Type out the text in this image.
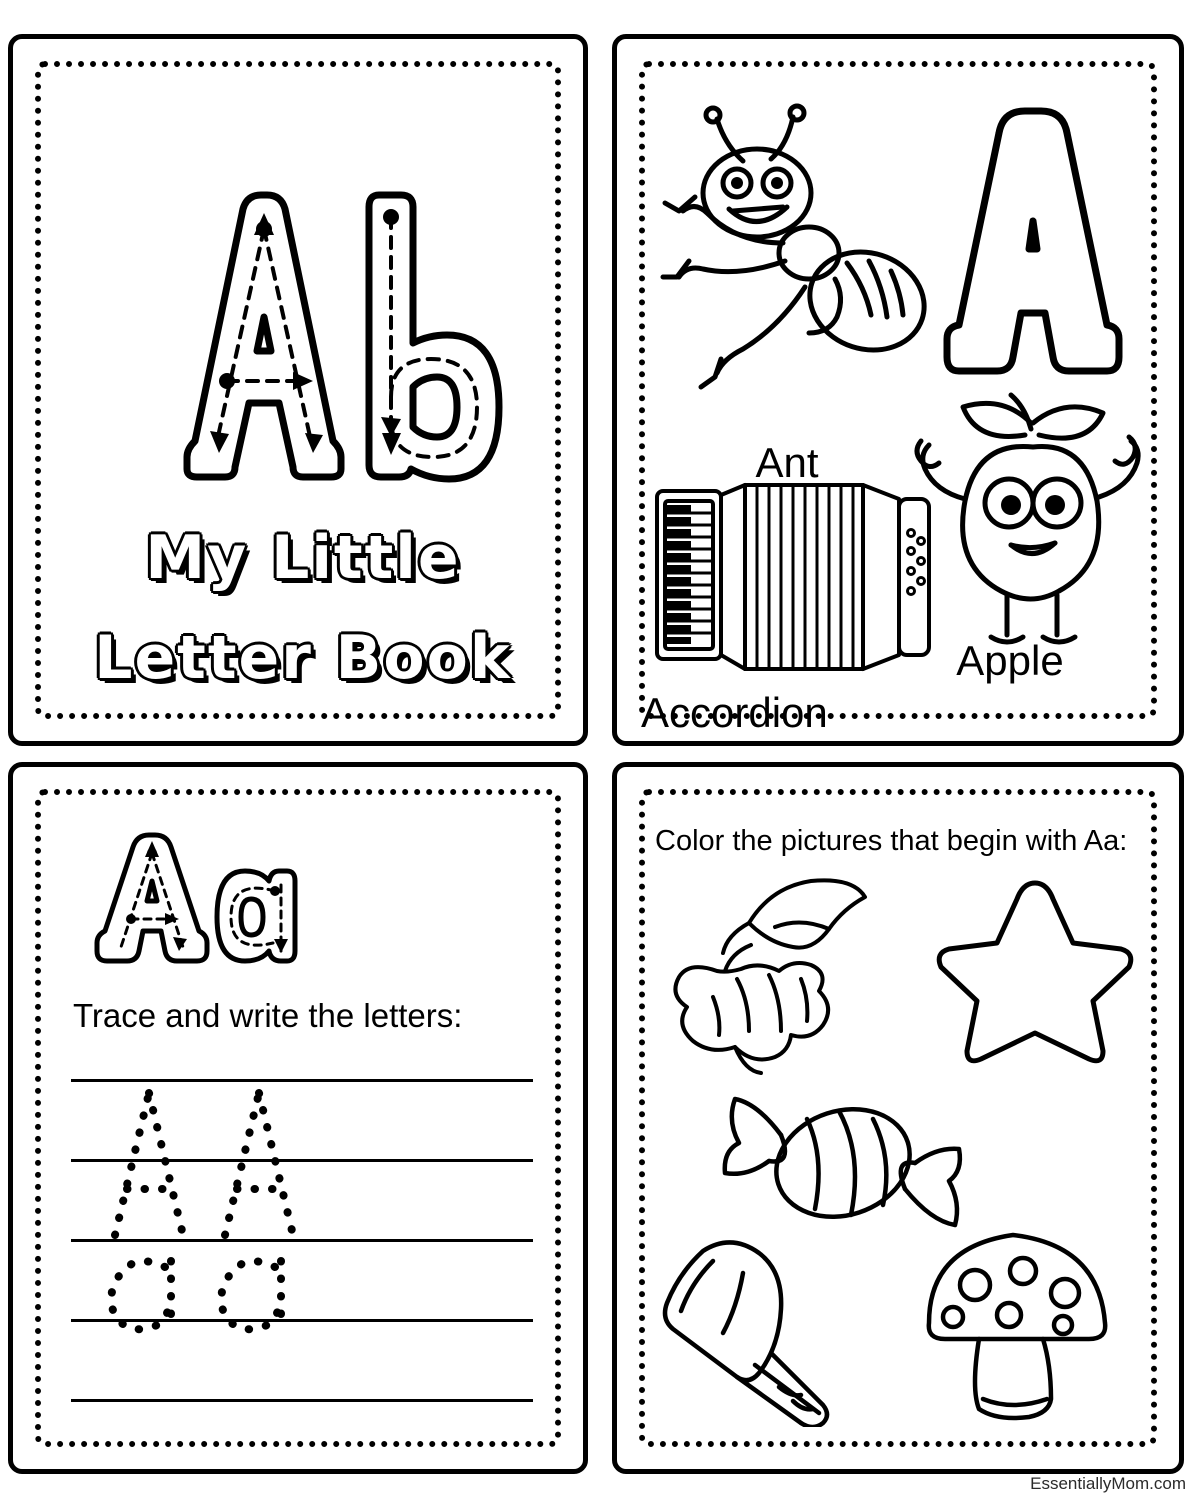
My Little
Letter Book
Ant
Apple
Accordion
Trace and write the letters:
Color the pictures that begin with Aa:
EssentiallyMom.com
